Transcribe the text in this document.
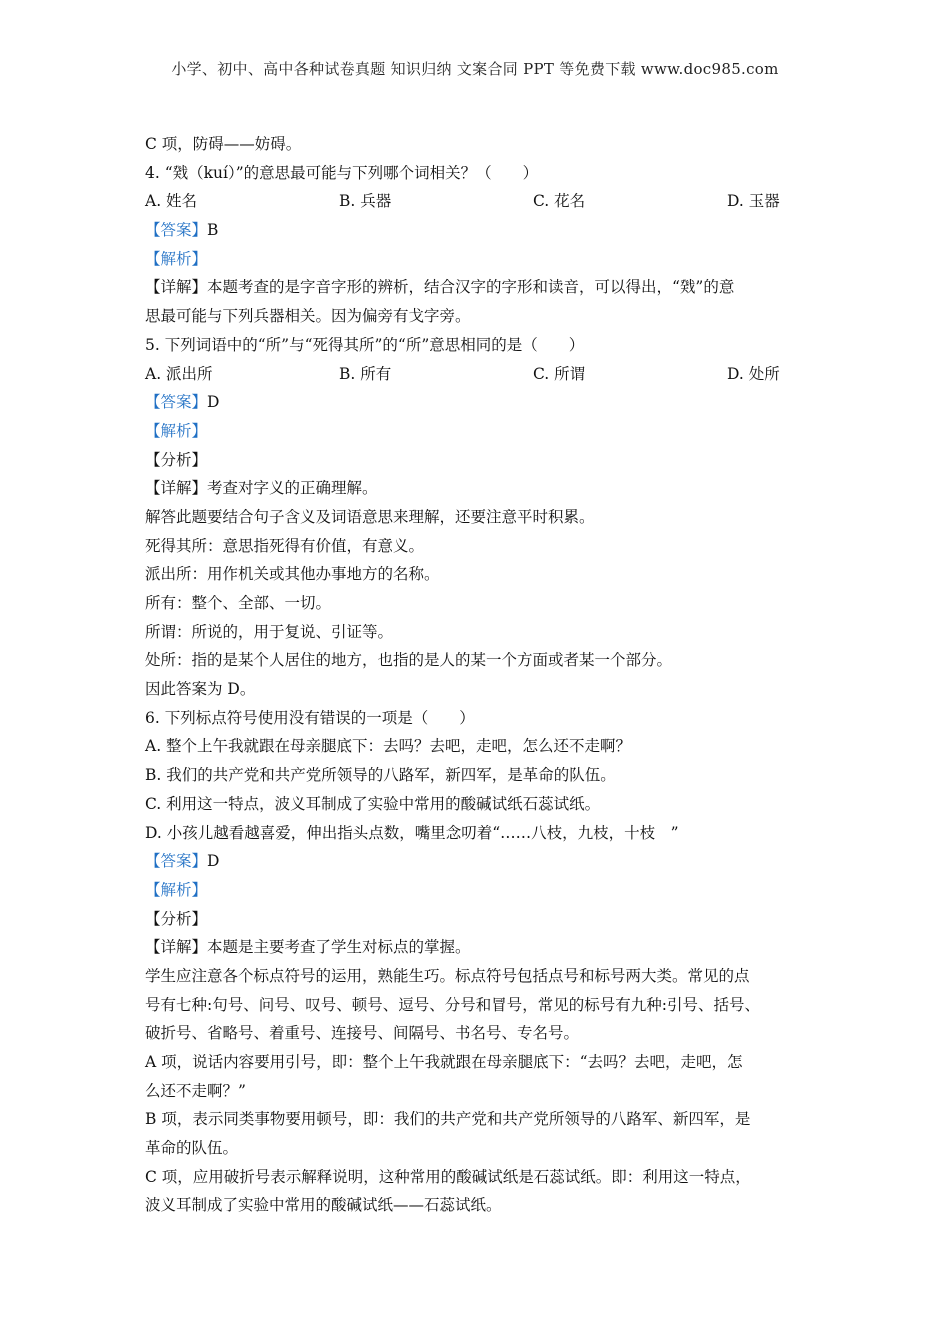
小学、初中、高中各种试卷真题 知识归纳 文案合同 PPT 等免费下载 www.doc985.com
C 项，防碍——妨碍。
4. “戣（kuí）”的意思最可能与下列哪个词相关？（　　）
A. 姓名	B. 兵器	C. 花名	D. 玉器
【答案】B
【解析】
【详解】本题考查的是字音字形的辨析，结合汉字的字形和读音，可以得出，“戣”的意
思最可能与下列兵器相关。因为偏旁有戈字旁。
5. 下列词语中的“所”与“死得其所”的“所”意思相同的是（　　）
A. 派出所	B. 所有	C. 所谓	D. 处所
【答案】D
【解析】
【分析】
【详解】考查对字义的正确理解。
解答此题要结合句子含义及词语意思来理解，还要注意平时积累。
死得其所：意思指死得有价值，有意义。
派出所：用作机关或其他办事地方的名称。
所有：整个、全部、一切。
所谓：所说的，用于复说、引证等。
处所：指的是某个人居住的地方，也指的是人的某一个方面或者某一个部分。
因此答案为 D。
6. 下列标点符号使用没有错误的一项是（　　）
A. 整个上午我就跟在母亲腿底下：去吗？去吧，走吧，怎么还不走啊？
B. 我们的共产党和共产党所领导的八路军，新四军，是革命的队伍。
C. 利用这一特点，波义耳制成了实验中常用的酸碱试纸石蕊试纸。
D. 小孩儿越看越喜爱，伸出指头点数，嘴里念叨着“……八枝，九枝，十枝　”
【答案】D
【解析】
【分析】
【详解】本题是主要考查了学生对标点的掌握。
学生应注意各个标点符号的运用，熟能生巧。标点符号包括点号和标号两大类。常见的点
号有七种:句号、问号、叹号、顿号、逗号、分号和冒号，常见的标号有九种:引号、括号、
破折号、省略号、着重号、连接号、间隔号、书名号、专名号。
A 项，说话内容要用引号，即：整个上午我就跟在母亲腿底下：“去吗？去吧，走吧，怎
么还不走啊？”
B 项，表示同类事物要用顿号，即：我们的共产党和共产党所领导的八路军、新四军，是
革命的队伍。
C 项，应用破折号表示解释说明，这种常用的酸碱试纸是石蕊试纸。即：利用这一特点，
波义耳制成了实验中常用的酸碱试纸——石蕊试纸。
